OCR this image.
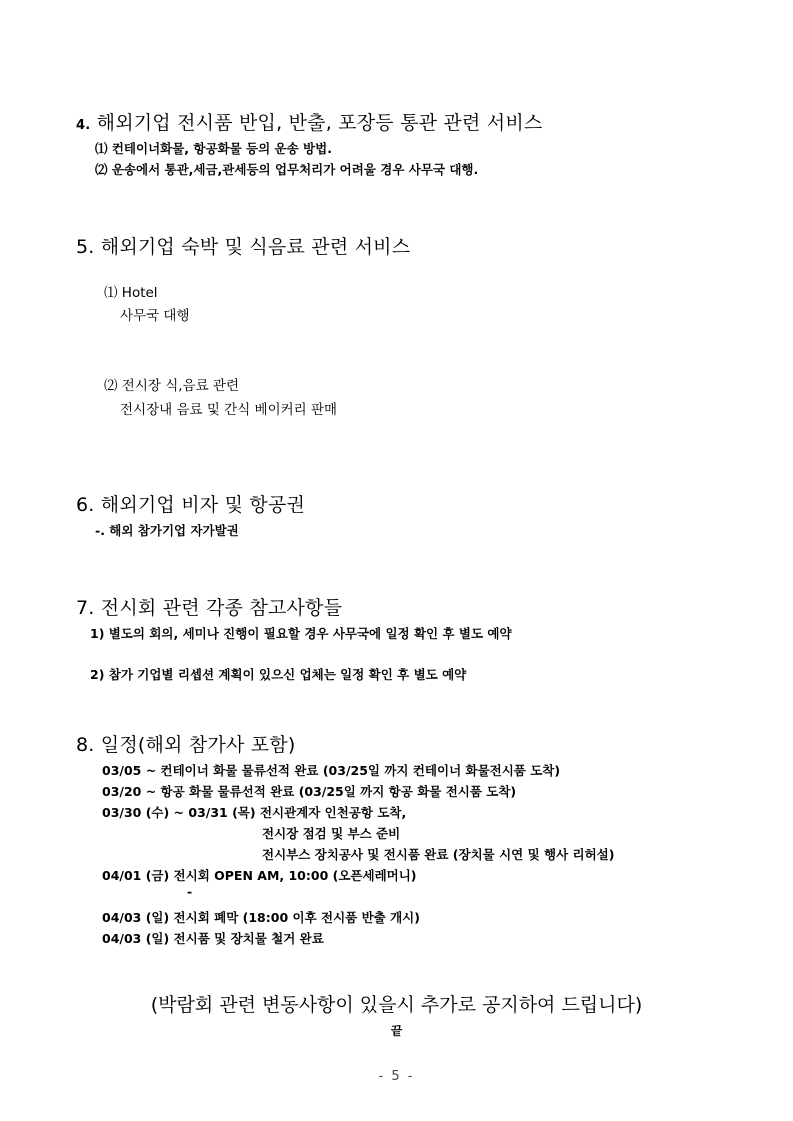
4. 해외기업 전시품 반입, 반출, 포장등 통관 관련 서비스
⑴ 컨테이너화물, 항공화물 등의 운송 방법.
⑵ 운송에서 통관,세금,관세등의 업무처리가 어려울 경우 사무국 대행.
5. 해외기업 숙박 및 식음료 관련 서비스
⑴ Hotel
사무국 대행
⑵ 전시장 식,음료 관련
전시장내 음료 및 간식 베이커리 판매
6. 해외기업 비자 및 항공권
-. 해외 참가기업 자가발권
7. 전시회 관련 각종 참고사항들
1) 별도의 회의, 세미나 진행이 필요할 경우 사무국에 일정 확인 후 별도 예약
2) 참가 기업별 리셉션 계획이 있으신 업체는 일정 확인 후 별도 예약
8. 일정(해외 참가사 포함)
03/05 ~ 컨테이너 화물 물류선적 완료 (03/25일 까지 컨테이너 화물전시품 도착)
03/20 ~ 항공 화물 물류선적 완료 (03/25일 까지 항공 화물 전시품 도착)
03/30 (수) ~ 03/31 (목) 전시관계자 인천공항 도착,
전시장 점검 및 부스 준비
전시부스 장치공사 및 전시품 완료 (장치물 시연 및 행사 리허설)
04/01 (금) 전시회 OPEN AM, 10:00 (오픈세레머니)
-
04/03 (일) 전시회 폐막 (18:00 이후 전시품 반출 개시)
04/03 (일) 전시품 및 장치물 철거 완료
(박람회 관련 변동사항이 있을시 추가로 공지하여 드립니다)
끝
- 5 -
